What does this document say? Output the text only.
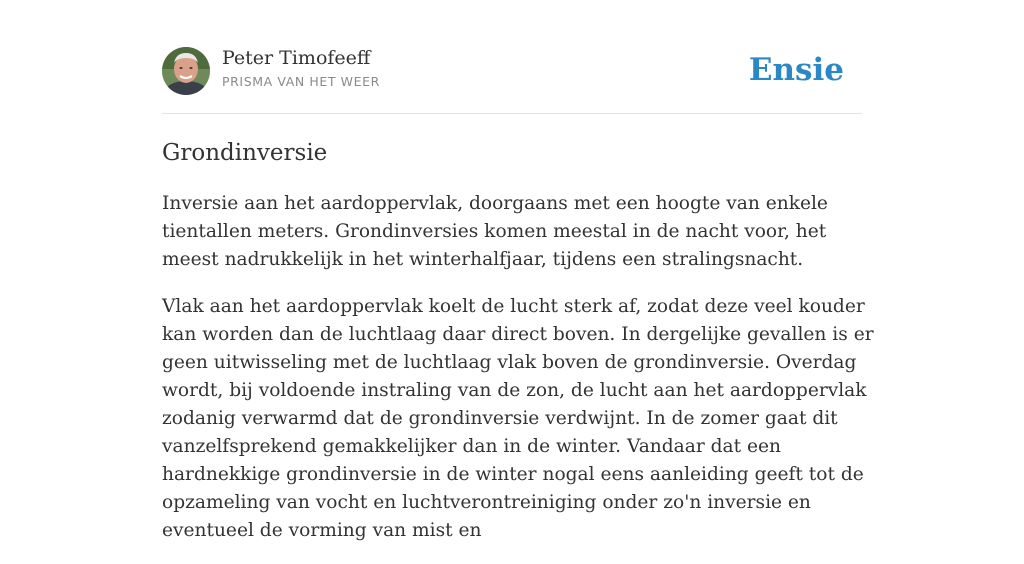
Peter Timofeeff
PRISMA VAN HET WEER	Ensie
Grondinversie

Inversie aan het aardoppervlak, doorgaans met een hoogte van enkele tientallen meters. Grondinversies komen meestal in de nacht voor, het meest nadrukkelijk in het winterhalfjaar, tijdens een stralingsnacht.

Vlak aan het aardoppervlak koelt de lucht sterk af, zodat deze veel kouder kan worden dan de luchtlaag daar direct boven. In dergelijke gevallen is er geen uitwisseling met de luchtlaag vlak boven de grondinversie. Overdag wordt, bij voldoende instraling van de zon, de lucht aan het aardoppervlak zodanig verwarmd dat de grondinversie verdwijnt. In de zomer gaat dit vanzelfsprekend gemakkelijker dan in de winter. Vandaar dat een hardnekkige grondinversie in de winter nogal eens aanleiding geeft tot de opzameling van vocht en luchtverontreiniging onder zo'n inversie en eventueel de vorming van mist en
